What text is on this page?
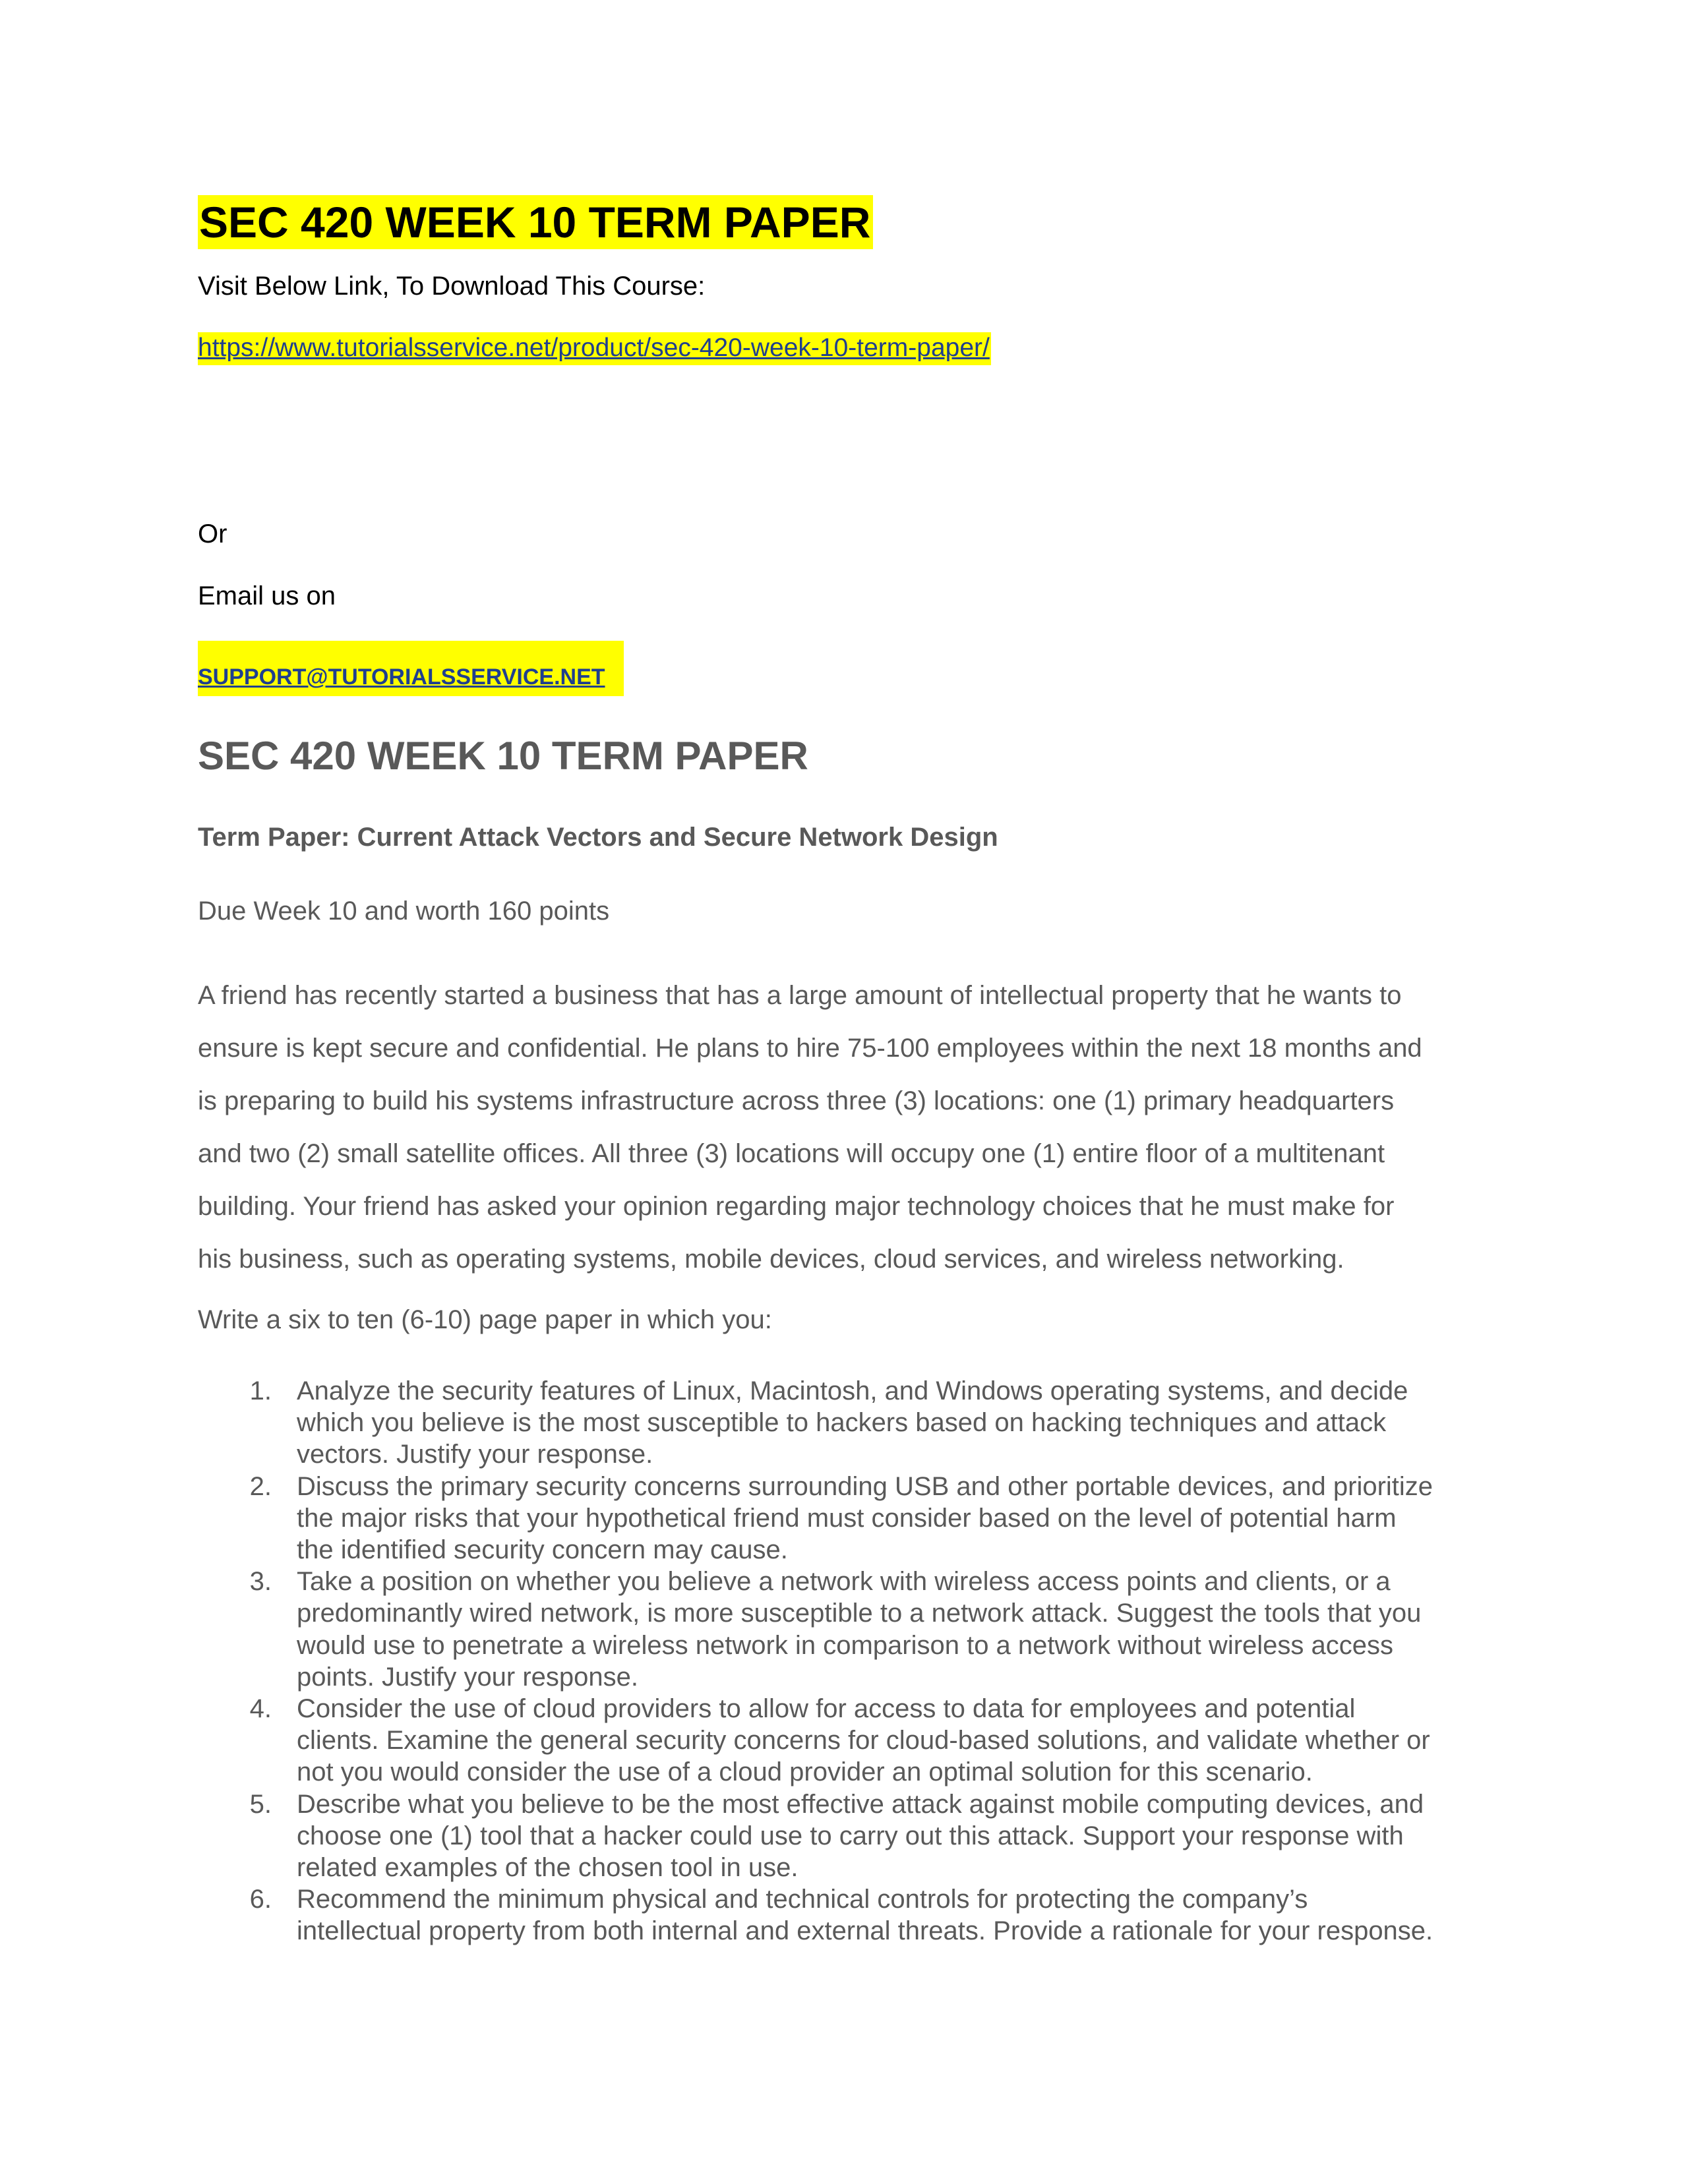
SEC 420 WEEK 10 TERM PAPER

Visit Below Link, To Download This Course:

https://www.tutorialsservice.net/product/sec-420-week-10-term-paper/

Or

Email us on

SUPPORT@TUTORIALSSERVICE.NET
SEC 420 WEEK 10 TERM PAPER

Term Paper: Current Attack Vectors and Secure Network Design

Due Week 10 and worth 160 points

A friend has recently started a business that has a large amount of intellectual property that he wants to
ensure is kept secure and confidential. He plans to hire 75-100 employees within the next 18 months and
is preparing to build his systems infrastructure across three (3) locations: one (1) primary headquarters
and two (2) small satellite offices. All three (3) locations will occupy one (1) entire floor of a multitenant
building. Your friend has asked your opinion regarding major technology choices that he must make for
his business, such as operating systems, mobile devices, cloud services, and wireless networking.

Write a six to ten (6-10) page paper in which you:

1. Analyze the security features of Linux, Macintosh, and Windows operating systems, and decide
which you believe is the most susceptible to hackers based on hacking techniques and attack
vectors. Justify your response.
2. Discuss the primary security concerns surrounding USB and other portable devices, and prioritize
the major risks that your hypothetical friend must consider based on the level of potential harm
the identified security concern may cause.
3. Take a position on whether you believe a network with wireless access points and clients, or a
predominantly wired network, is more susceptible to a network attack. Suggest the tools that you
would use to penetrate a wireless network in comparison to a network without wireless access
points. Justify your response.
4. Consider the use of cloud providers to allow for access to data for employees and potential
clients. Examine the general security concerns for cloud-based solutions, and validate whether or
not you would consider the use of a cloud provider an optimal solution for this scenario.
5. Describe what you believe to be the most effective attack against mobile computing devices, and
choose one (1) tool that a hacker could use to carry out this attack. Support your response with
related examples of the chosen tool in use.
6. Recommend the minimum physical and technical controls for protecting the company’s
intellectual property from both internal and external threats. Provide a rationale for your response.
